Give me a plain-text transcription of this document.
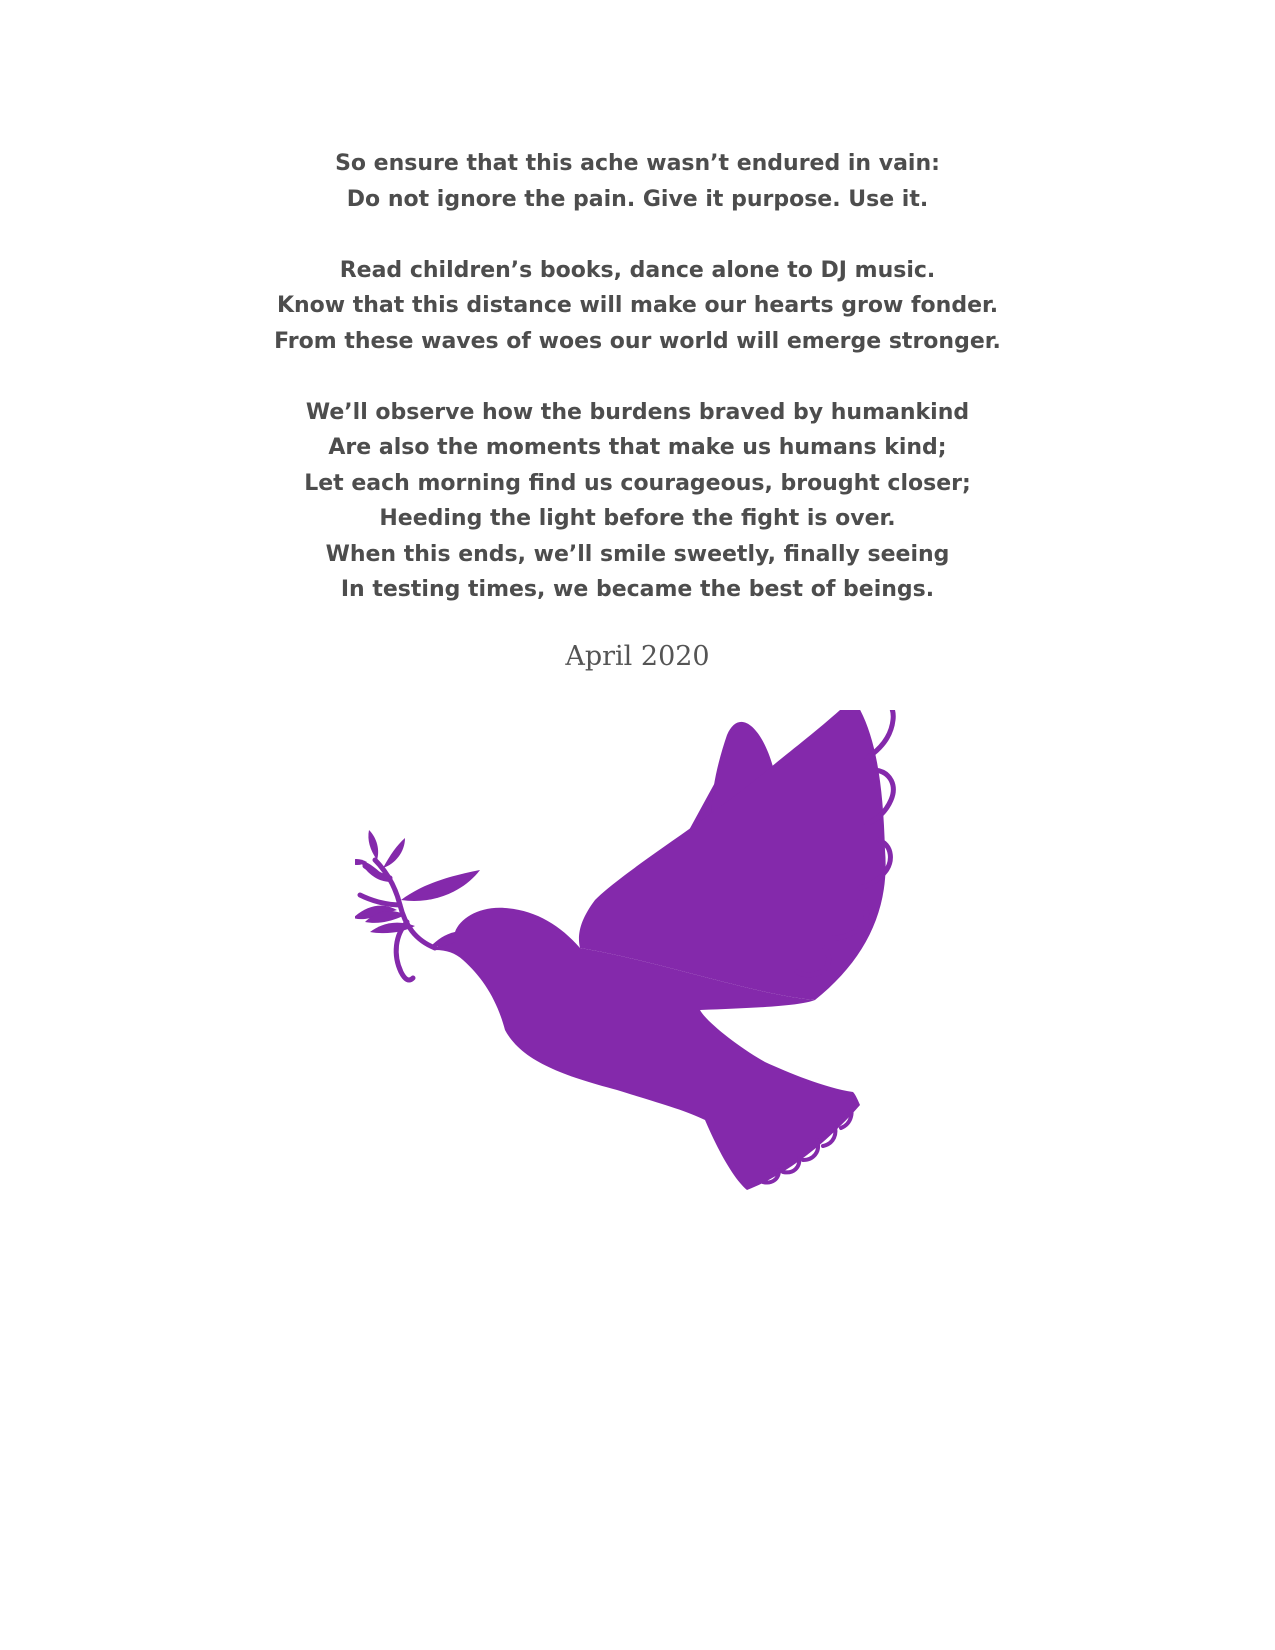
So ensure that this ache wasn’t endured in vain:
Do not ignore the pain. Give it purpose. Use it.
Read children’s books, dance alone to DJ music.
Know that this distance will make our hearts grow fonder.
From these waves of woes our world will emerge stronger.
We’ll observe how the burdens braved by humankind
Are also the moments that make us humans kind;
Let each morning find us courageous, brought closer;
Heeding the light before the fight is over.
When this ends, we’ll smile sweetly, finally seeing
In testing times, we became the best of beings.
April 2020
